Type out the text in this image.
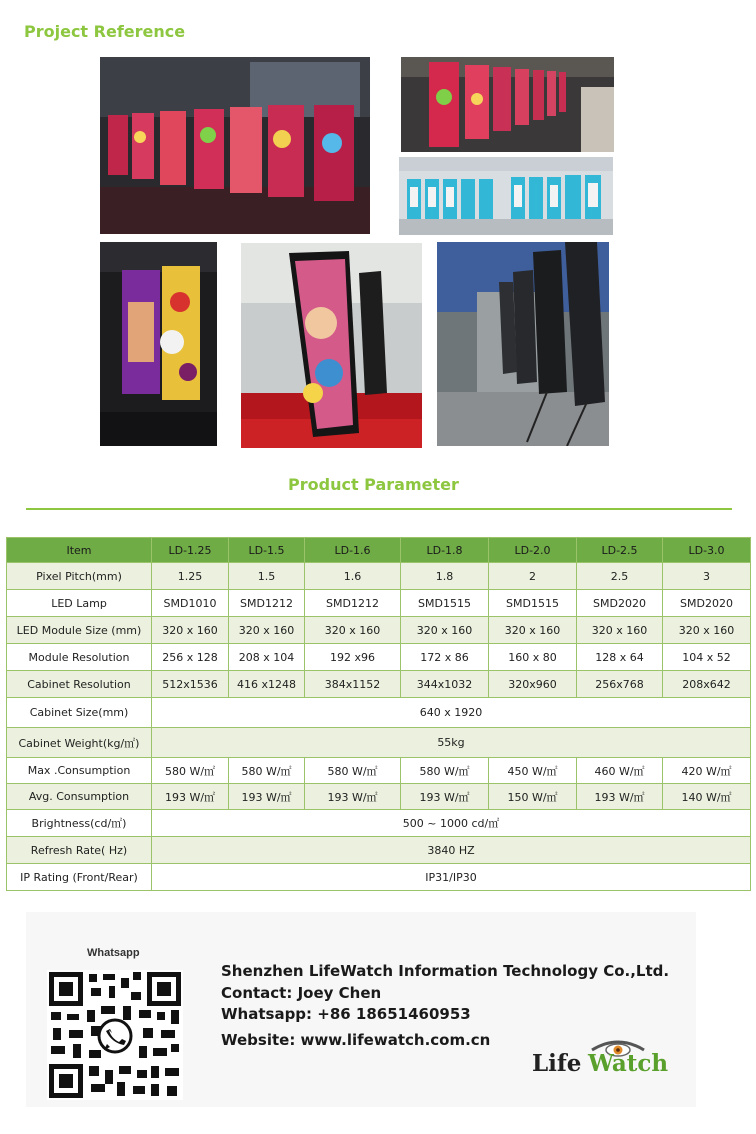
Project Reference
Product Parameter
Item	LD-1.25	LD-1.5	LD-1.6	LD-1.8	LD-2.0	LD-2.5	LD-3.0
Pixel Pitch(mm)	1.25	1.5	1.6	1.8	2	2.5	3
LED Lamp	SMD1010	SMD1212	SMD1212	SMD1515	SMD1515	SMD2020	SMD2020
LED Module Size (mm)	320 x 160	320 x 160	320 x 160	320 x 160	320 x 160	320 x 160	320 x 160
Module Resolution	256 x 128	208 x 104	192 x96	172 x 86	160 x 80	128 x 64	104 x 52
Cabinet Resolution	512x1536	416 x1248	384x1152	344x1032	320x960	256x768	208x642
Cabinet Size(mm)	640 x 1920						
Cabinet Weight(kg/㎡)	55kg						
Max .Consumption	580 W/㎡	580 W/㎡	580 W/㎡	580 W/㎡	450 W/㎡	460 W/㎡	420 W/㎡
Avg. Consumption	193 W/㎡	193 W/㎡	193 W/㎡	193 W/㎡	150 W/㎡	193 W/㎡	140 W/㎡
Brightness(cd/㎡)	500 ~ 1000 cd/㎡						
Refresh Rate( Hz)	3840 HZ						
IP Rating (Front/Rear)	IP31/IP30						
Whatsapp
Shenzhen LifeWatch Information Technology Co.,Ltd.
Contact: Joey Chen
Whatsapp: +86 18651460953
Website: www.lifewatch.com.cn
Life Watch
